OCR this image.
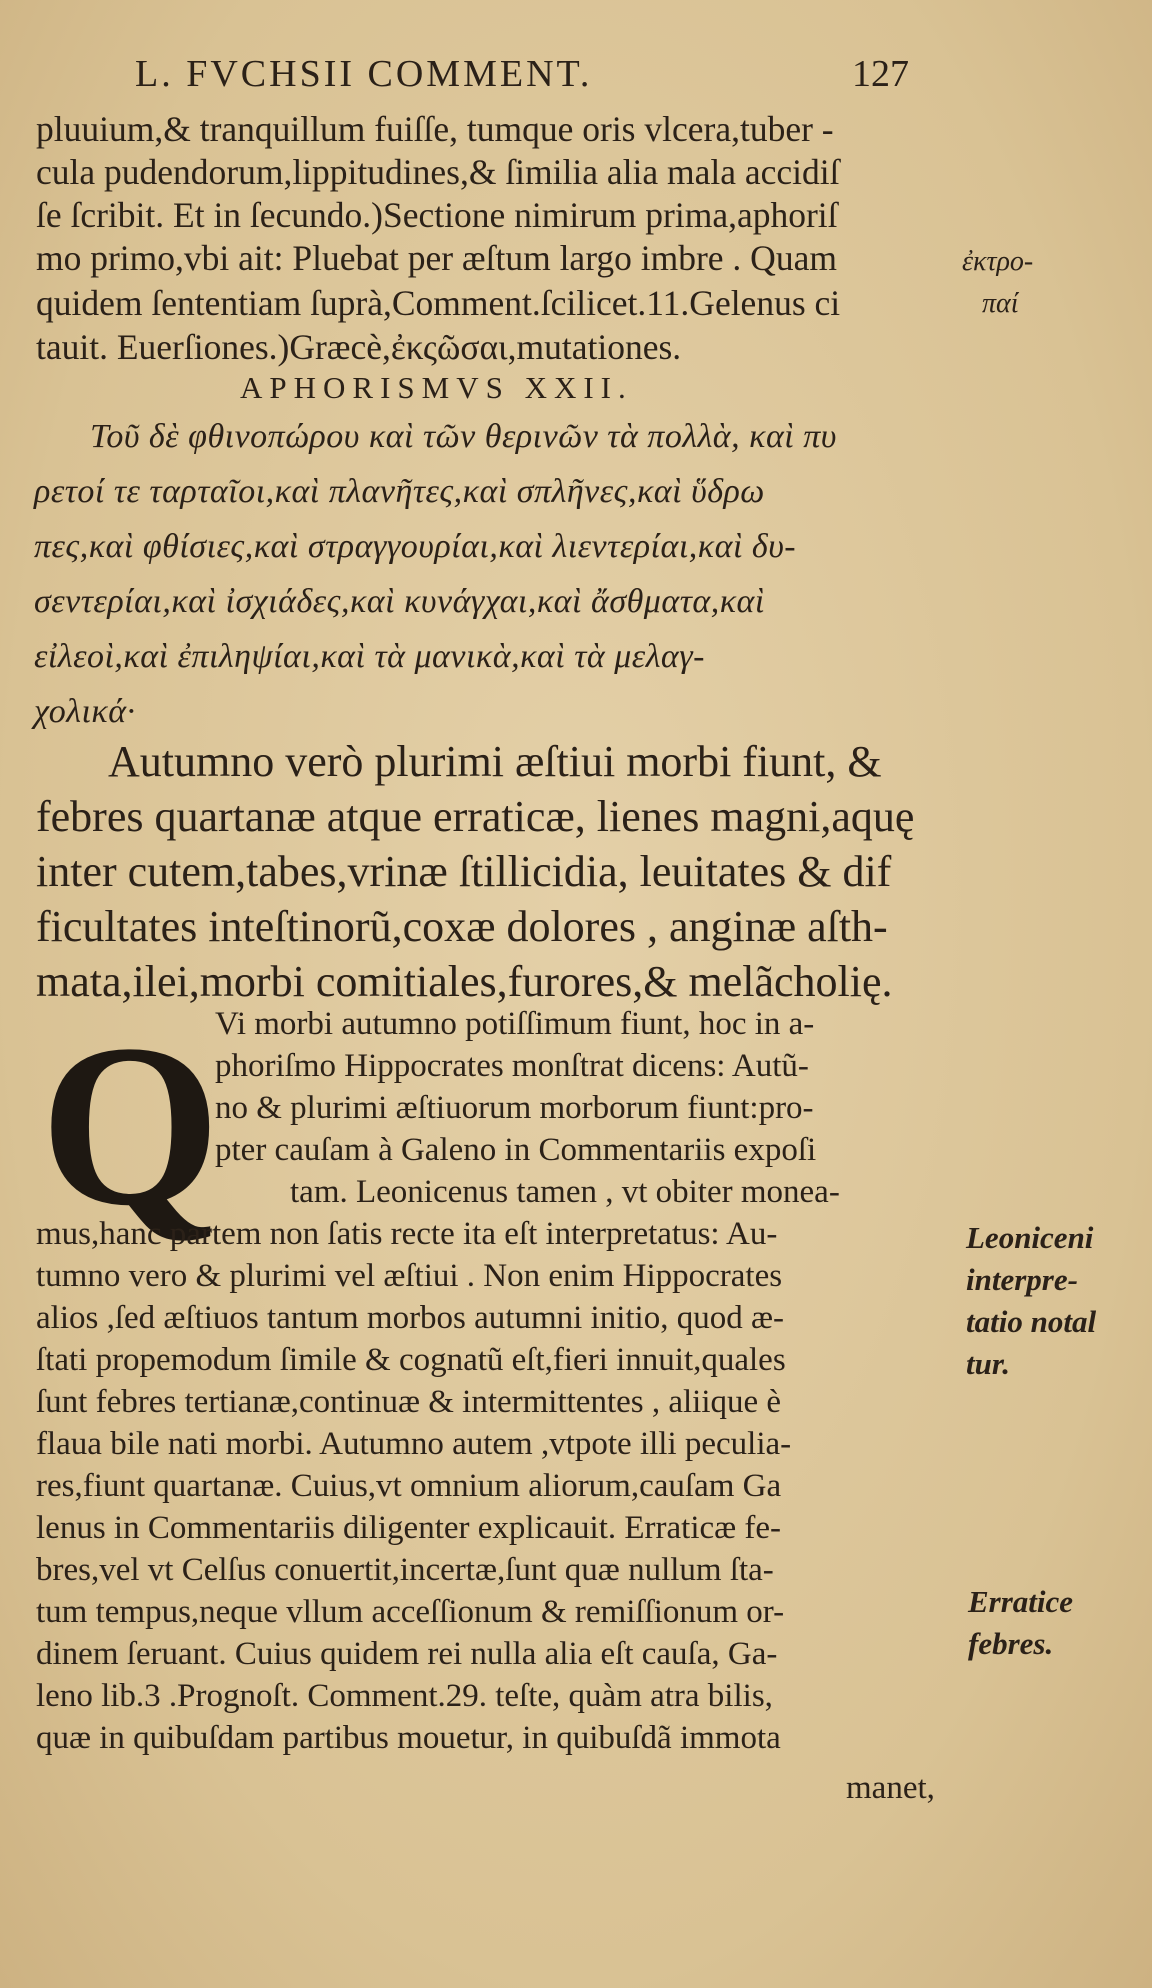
L. FVCHSII COMMENT.	127
pluuium,& tranquillum fuiſſe, tumque oris vlcera,tuber -
cula pudendorum,lippitudines,& ſimilia alia mala accidiſ
ſe ſcribit. Et in ſecundo.)Sectione nimirum prima,aphoriſ
mo primo,vbi ait: Pluebat per æſtum largo imbre . Quam
quidem ſententiam ſuprà,Comment.ſcilicet.11.Gelenus ci
tauit. Euerſiones.)Græcè,ἐκςῶσαι,mutationes.
ἐκτρο-
παί
APHORISMVS XXII.
Τοῦ δὲ φθινοπώρου καὶ τῶν θερινῶν τὰ πολλὰ, καὶ πυ
ρετοί τε ταρταῖοι,καὶ πλανῆτες,καὶ σπλῆνες,καὶ ὕδρω
πες,καὶ φθίσιες,καὶ στραγγουρίαι,καὶ λιεντερίαι,καὶ δυ-
σεντερίαι,καὶ ἰσχιάδες,καὶ κυνάγχαι,καὶ ἄσθματα,καὶ
εἰλεοὶ,καὶ ἐπιληψίαι,καὶ τὰ μανικὰ,καὶ τὰ μελαγ-
χολικά·
Autumno verò plurimi æſtiui morbi fiunt, &
febres quartanæ atque erraticæ, lienes magni,aquę
inter cutem,tabes,vrinæ ſtillicidia, leuitates & dif
ficultates inteſtinorũ,coxæ dolores , anginæ aſth-
mata,ilei,morbi comitiales,furores,& melãcholię.
Q
Vi morbi autumno potiſſimum fiunt, hoc in a-
phoriſmo Hippocrates monſtrat dicens: Autũ-
no & plurimi æſtiuorum morborum fiunt:pro-
pter cauſam à Galeno in Commentariis expoſi
tam. Leonicenus tamen , vt obiter monea-
mus,hanc partem non ſatis recte ita eſt interpretatus: Au-
tumno vero & plurimi vel æſtiui . Non enim Hippocrates
alios ,ſed æſtiuos tantum morbos autumni initio, quod æ-
ſtati propemodum ſimile & cognatũ eſt,fieri innuit,quales
ſunt febres tertianæ,continuæ & intermittentes , aliique è
flaua bile nati morbi. Autumno autem ,vtpote illi peculia-
res,fiunt quartanæ. Cuius,vt omnium aliorum,cauſam Ga
lenus in Commentariis diligenter explicauit. Erraticæ fe-
bres,vel vt Celſus conuertit,incertæ,ſunt quæ nullum ſta-
tum tempus,neque vllum acceſſionum & remiſſionum or-
dinem ſeruant. Cuius quidem rei nulla alia eſt cauſa, Ga-
leno lib.3 .Prognoſt. Comment.29. teſte, quàm atra bilis,
quæ in quibuſdam partibus mouetur, in quibuſdã immota
manet,
Leoniceni
interpre-
tatio notal
tur.
Erratice
febres.
